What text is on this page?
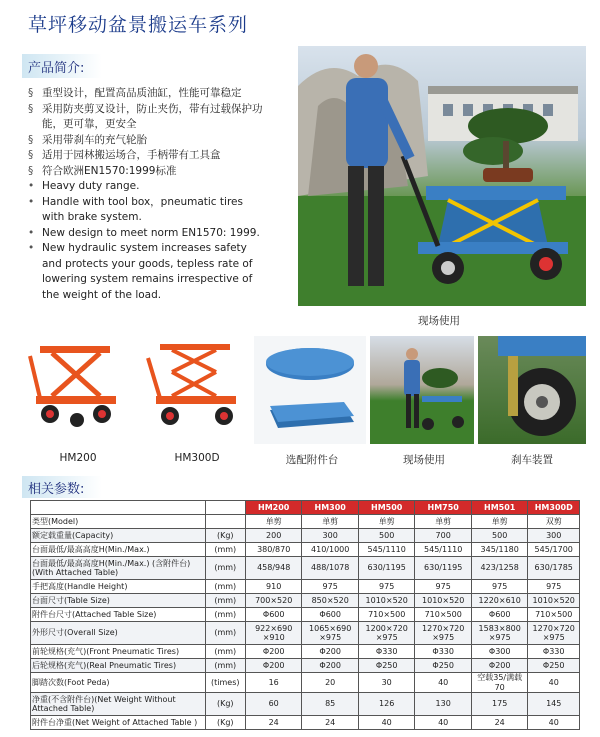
草坪移动盆景搬运车系列
产品简介:
§ 重型设计，配置高品质油缸，性能可靠稳定
§ 采用防夹剪叉设计，防止夹伤，带有过载保护功能，更可靠，更安全
§ 采用带刹车的充气轮胎
§ 适用于园林搬运场合，手柄带有工具盒
§ 符合欧洲EN1570:1999标准
• Heavy duty range.
• Handle with tool box，pneumatic tires with brake system.
• New design to meet norm EN1570: 1999.
• New hydraulic system increases safety and protects your goods, tepless rate of lowering system remains irrespective of the weight of the load.
现场使用
HM200	HM300D	选配附件台	现场使用	刹车装置
相关参数:
		HM200	HM300	HM500	HM750	HM501	HM300D
类型(Model)		单剪	单剪	单剪	单剪	单剪	双剪
额定载重量(Capacity)	(Kg)	200	300	500	700	500	300
台面最低/最高高度H(Min./Max.)	(mm)	380/870	410/1000	545/1110	545/1110	345/1180	545/1700
台面最低/最高高度H(Min./Max.) (含附件台)(With Attached Table)	(mm)	458/948	488/1078	630/1195	630/1195	423/1258	630/1785
手把高度(Handle Height)	(mm)	910	975	975	975	975	975
台面尺寸(Table Size)	(mm)	700×520	850×520	1010×520	1010×520	1220×610	1010×520
附件台尺寸(Attached Table Size)	(mm)	Φ600	Φ600	710×500	710×500	Φ600	710×500
外形尺寸(Overall Size)	(mm)	922×690 ×910	1065×690 ×975	1200×720 ×975	1270×720 ×975	1583×800 ×975	1270×720 ×975
前轮规格(充气)(Front Pneumatic Tires)	(mm)	Φ200	Φ200	Φ330	Φ330	Φ300	Φ330
后轮规格(充气)(Real Pneumatic Tires)	(mm)	Φ200	Φ200	Φ250	Φ250	Φ200	Φ250
脚踏次数(Foot Peda)	(times)	16	20	30	40	空载35/满载70	40
净重(不含附件台)(Net Weight Without Attached Table)	(Kg)	60	85	126	130	175	145
附件台净重(Net Weight of Attached Table )	(Kg)	24	24	40	40	24	40
